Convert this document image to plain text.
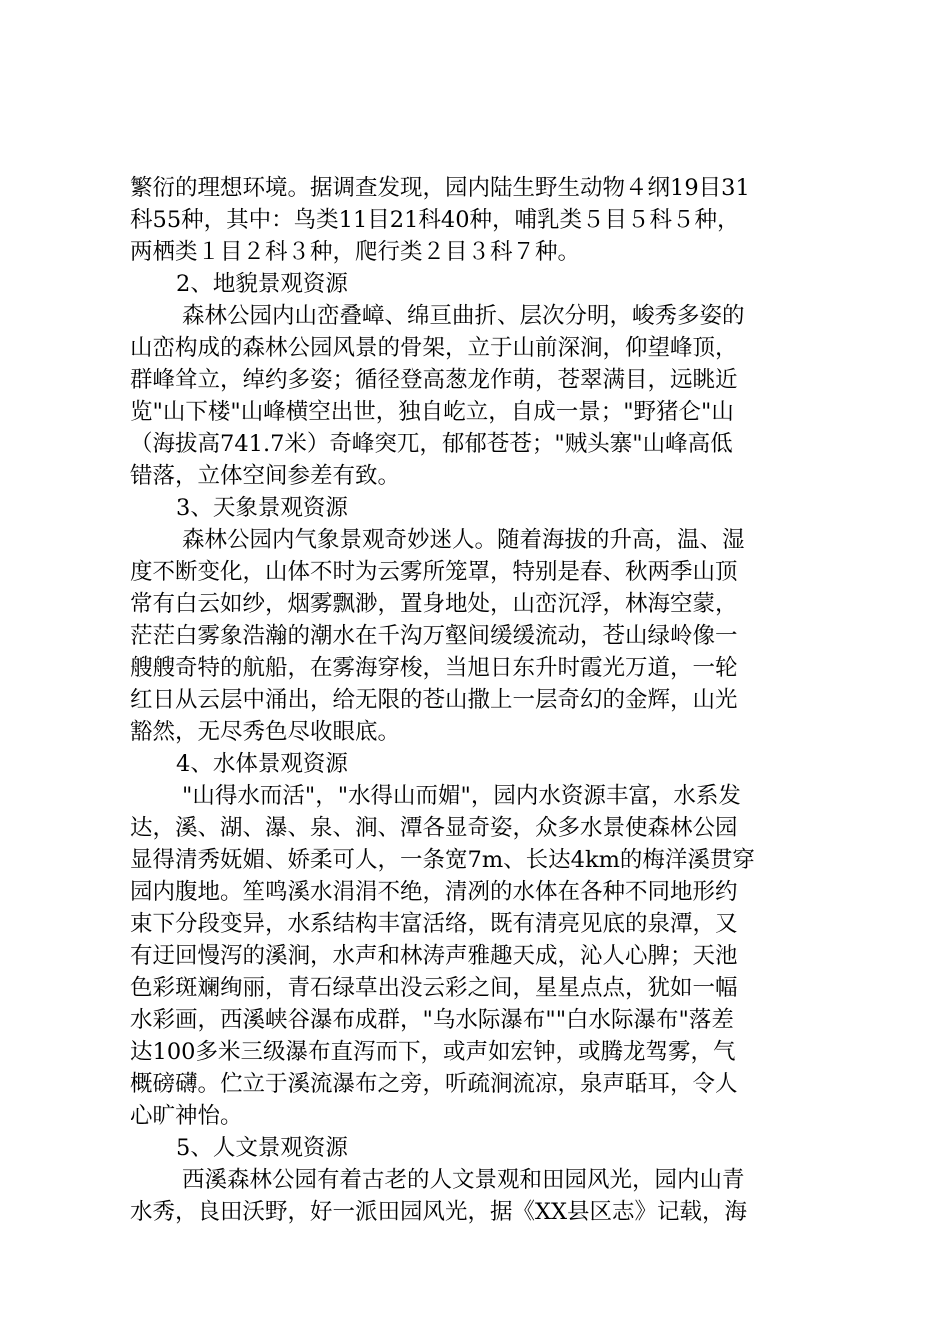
繁衍的理想环境。据调查发现，园内陆生野生动物４纲19目31
科55种，其中：鸟类11目21科40种，哺乳类５目５科５种，
两栖类１目２科３种，爬行类２目３科７种。
2、地貌景观资源
森林公园内山峦叠嶂、绵亘曲折、层次分明，峻秀多姿的
山峦构成的森林公园风景的骨架，立于山前深涧，仰望峰顶，
群峰耸立，绰约多姿；循径登高葱龙作萌，苍翠满目，远眺近
览"山下楼"山峰横空出世，独自屹立，自成一景；"野猪仑"山
（海拔高741.7米）奇峰突兀，郁郁苍苍；"贼头寨"山峰高低
错落，立体空间参差有致。
3、天象景观资源
森林公园内气象景观奇妙迷人。随着海拔的升高，温、湿
度不断变化，山体不时为云雾所笼罩，特别是春、秋两季山顶
常有白云如纱，烟雾飘渺，置身地处，山峦沉浮，林海空蒙，
茫茫白雾象浩瀚的潮水在千沟万壑间缓缓流动，苍山绿岭像一
艘艘奇特的航船，在雾海穿梭，当旭日东升时霞光万道，一轮
红日从云层中涌出，给无限的苍山撒上一层奇幻的金辉，山光
豁然，无尽秀色尽收眼底。
4、水体景观资源
"山得水而活"，"水得山而媚"，园内水资源丰富，水系发
达，溪、湖、瀑、泉、涧、潭各显奇姿，众多水景使森林公园
显得清秀妩媚、娇柔可人，一条宽7m、长达4km的梅洋溪贯穿
园内腹地。笙鸣溪水涓涓不绝，清冽的水体在各种不同地形约
束下分段变异，水系结构丰富活络，既有清亮见底的泉潭，又
有迂回慢泻的溪涧，水声和林涛声雅趣天成，沁人心脾；天池
色彩斑斓绚丽，青石绿草出没云彩之间，星星点点，犹如一幅
水彩画，西溪峡谷瀑布成群，"乌水际瀑布""白水际瀑布"落差
达100多米三级瀑布直泻而下，或声如宏钟，或腾龙驾雾，气
概磅礴。伫立于溪流瀑布之旁，听疏涧流凉，泉声聒耳，令人
心旷神怡。
5、人文景观资源
西溪森林公园有着古老的人文景观和田园风光，园内山青
水秀，良田沃野，好一派田园风光，据《XX县区志》记载，海
